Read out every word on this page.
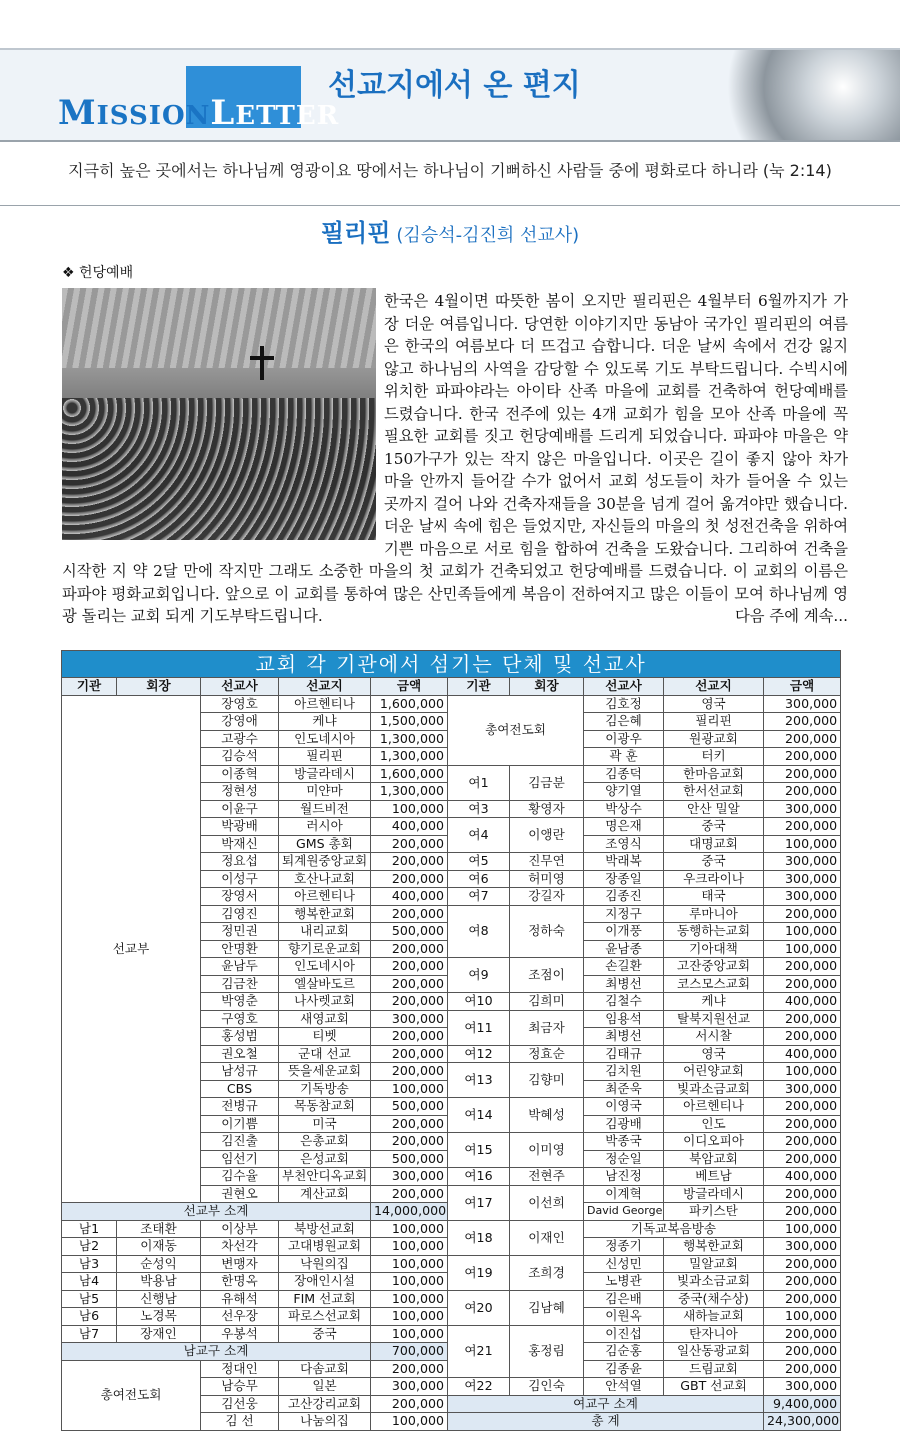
MISSIONLETTER
선교지에서 온 편지
지극히 높은 곳에서는 하나님께 영광이요 땅에서는 하나님이 기뻐하신 사람들 중에 평화로다 하니라 (눅 2:14)
필리핀 (김승석-김진희 선교사)
❖ 헌당예배
한국은 4월이면 따뜻한 봄이 오지만 필리핀은 4월부터 6월까지가 가장 더운 여름입니다. 당연한 이야기지만 동남아 국가인 필리핀의 여름은 한국의 여름보다 더 뜨겁고 습합니다. 더운 날씨 속에서 건강 잃지 않고 하나님의 사역을 감당할 수 있도록 기도 부탁드립니다. 수빅시에 위치한 파파야라는 아이타 산족 마을에 교회를 건축하여 헌당예배를 드렸습니다. 한국 전주에 있는 4개 교회가 힘을 모아 산족 마을에 꼭 필요한 교회를 짓고 헌당예배를 드리게 되었습니다. 파파야 마을은 약 150가구가 있는 작지 않은 마을입니다. 이곳은 길이 좋지 않아 차가 마을 안까지 들어갈 수가 없어서 교회 성도들이 차가 들어올 수 있는 곳까지 걸어 나와 건축자재들을 30분을 넘게 걸어 옮겨야만 했습니다. 더운 날씨 속에 힘은 들었지만, 자신들의 마을의 첫 성전건축을 위하여 기쁜 마음으로 서로 힘을 합하여 건축을 도왔습니다. 그리하여 건축을 시작한 지 약 2달 만에 작지만 그래도 소중한 마을의 첫 교회가 건축되었고 헌당예배를 드렸습니다. 이 교회의 이름은 파파야 평화교회입니다. 앞으로 이 교회를 통하여 많은 산민족들에게 복음이 전하여지고 많은 이들이 모여 하나님께 영광 돌리는 교회 되게 기도부탁드립니다.	다음 주에 계속...
교회 각 기관에서 섬기는 단체 및 선교사									
기관	회장	선교사	선교지	금액	기관	회장	선교사	선교지	금액
선교부		장영호	아르헨티나	1,600,000	총여전도회		김호정	영국	300,000
		강영애	케냐	1,500,000			김은혜	필리핀	200,000
		고광수	인도네시아	1,300,000			이광우	원광교회	200,000
		김승석	필리핀	1,300,000			곽 훈	터키	200,000
		이종혁	방글라데시	1,600,000	여1	김금분	김종덕	한마음교회	200,000
		정현성	미얀마	1,300,000			양기열	한서선교회	200,000
		이윤구	월드비전	100,000	여3	황영자	박상수	안산 밀알	300,000
		박광배	러시아	400,000	여4	이앵란	명은재	중국	200,000
		박재신	GMS 총회	200,000			조영식	대명교회	100,000
		정요섭	퇴계원중앙교회	200,000	여5	진무연	박래복	중국	300,000
		이성구	호산나교회	200,000	여6	허미영	장종일	우크라이나	300,000
		장영서	아르헨티나	400,000	여7	강길자	김종진	태국	300,000
		김영진	행복한교회	200,000	여8	정하숙	지정구	루마니아	200,000
		정민권	내리교회	500,000			이개풍	동행하는교회	100,000
		안명환	향기로운교회	200,000			윤남종	기아대책	100,000
		윤남두	인도네시아	200,000	여9	조점이	손길환	고잔중앙교회	200,000
		김금찬	엘살바도르	200,000			최병선	코스모스교회	200,000
		박영춘	나사렛교회	200,000	여10	김희미	김철수	케냐	400,000
		구영호	새영교회	300,000	여11	최금자	임용석	탈북지원선교	200,000
		홍성범	티벳	200,000			최병선	서시찰	200,000
		권오철	군대 선교	200,000	여12	정효순	김태규	영국	400,000
		남성규	뜻을세운교회	200,000	여13	김향미	김치원	어린양교회	100,000
		CBS	기독방송	100,000			최준욱	빛과소금교회	300,000
		전병규	목동참교회	500,000	여14	박혜성	이영국	아르헨티나	200,000
		이기쁨	미국	200,000			김광배	인도	200,000
		김진출	은총교회	200,000	여15	이미영	박종국	이디오피아	200,000
		임선기	은성교회	500,000			정순일	북암교회	200,000
		김수율	부천안디옥교회	300,000	여16	전현주	남진정	베트남	400,000
		권현오	계산교회	200,000	여17	이선희	이계혁	방글라데시	200,000
선교부 소계				14,000,000			David George	파키스탄	200,000
남1	조태환	이상부	북방선교회	100,000	여18	이재인	기독교복음방송		100,000
남2	이재동	차선각	고대병원교회	100,000			정종기	행복한교회	300,000
남3	순성익	변맹자	낙원의집	100,000	여19	조희경	신성민	밀알교회	200,000
남4	박용남	한명옥	장애인시설	100,000			노병관	빛과소금교회	200,000
남5	신행남	유해석	FIM 선교회	100,000	여20	김남혜	김은배	중국(채수상)	200,000
남6	노경목	선우장	파로스선교회	100,000			이원옥	새하늘교회	100,000
남7	장재인	우봉석	중국	100,000	여21	홍정림	이진섭	탄자니아	200,000
남교구 소계				700,000			김순홍	일산동광교회	200,000
총여전도회		정대인	다솜교회	200,000			김종윤	드림교회	200,000
		남승무	일본	300,000	여22	김인숙	안석열	GBT 선교회	300,000
		김선웅	고산강리교회	200,000	여교구 소계				9,400,000
		김 선	나눔의집	100,000	총 계				24,300,000
